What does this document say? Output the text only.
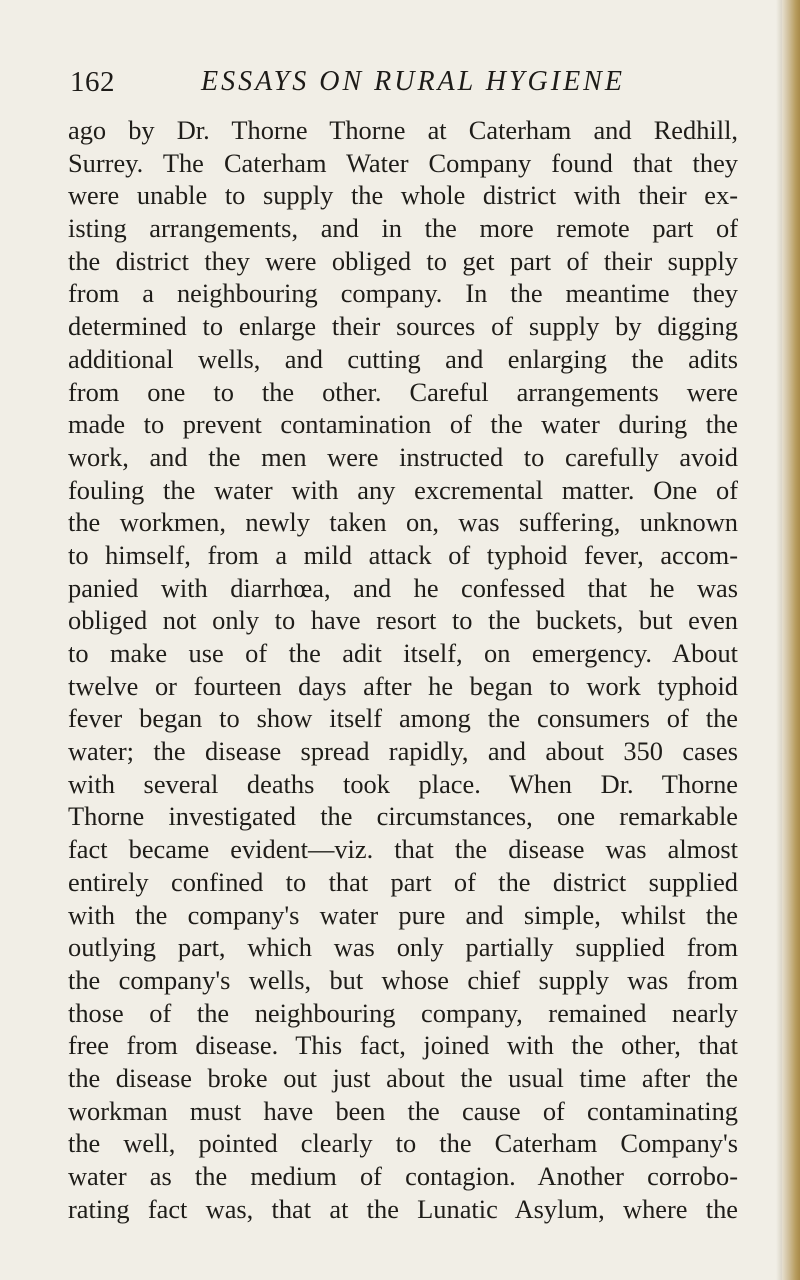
162	ESSAYS ON RURAL HYGIENE
ago by Dr. Thorne Thorne at Caterham and Redhill,
Surrey. The Caterham Water Company found that they
were unable to supply the whole district with their ex-
isting arrangements, and in the more remote part of
the district they were obliged to get part of their supply
from a neighbouring company. In the meantime they
determined to enlarge their sources of supply by digging
additional wells, and cutting and enlarging the adits
from one to the other. Careful arrangements were
made to prevent contamination of the water during the
work, and the men were instructed to carefully avoid
fouling the water with any excremental matter. One of
the workmen, newly taken on, was suffering, unknown
to himself, from a mild attack of typhoid fever, accom-
panied with diarrhœa, and he confessed that he was
obliged not only to have resort to the buckets, but even
to make use of the adit itself, on emergency. About
twelve or fourteen days after he began to work typhoid
fever began to show itself among the consumers of the
water; the disease spread rapidly, and about 350 cases
with several deaths took place. When Dr. Thorne
Thorne investigated the circumstances, one remarkable
fact became evident—viz. that the disease was almost
entirely confined to that part of the district supplied
with the company's water pure and simple, whilst the
outlying part, which was only partially supplied from
the company's wells, but whose chief supply was from
those of the neighbouring company, remained nearly
free from disease. This fact, joined with the other, that
the disease broke out just about the usual time after the
workman must have been the cause of contaminating
the well, pointed clearly to the Caterham Company's
water as the medium of contagion. Another corrobo-
rating fact was, that at the Lunatic Asylum, where the
